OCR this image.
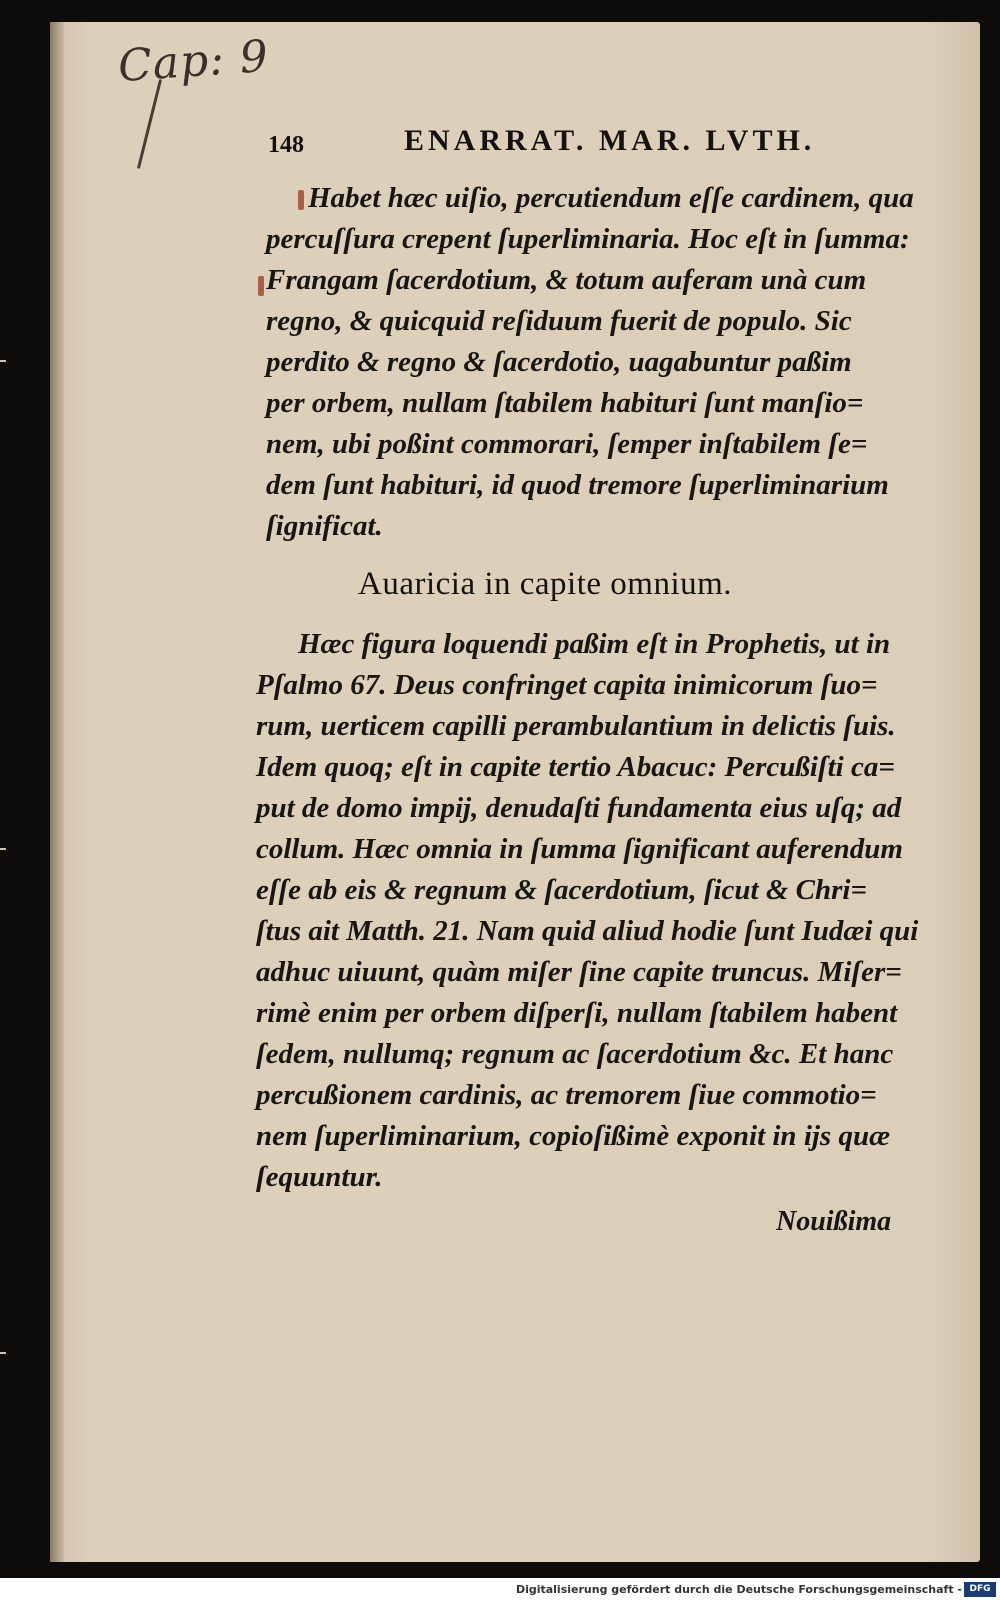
Cap: 9
148	ENARRAT. MAR. LVTH.
Habet hæc uiſio, percutiendum eſſe cardinem, qua
percuſſura crepent ſuperliminaria. Hoc eſt in ſumma:
Frangam ſacerdotium, & totum auferam unà cum
regno, & quicquid reſiduum fuerit de populo. Sic
perdito & regno & ſacerdotio, uagabuntur paßim
per orbem, nullam ſtabilem habituri ſunt manſio=
nem, ubi poßint commorari, ſemper inſtabilem ſe=
dem ſunt habituri, id quod tremore ſuperliminarium
ſignificat.
Auaricia in capite omnium.
Hæc figura loquendi paßim eſt in Prophetis, ut in
Pſalmo 67. Deus confringet capita inimicorum ſuo=
rum, uerticem capilli perambulantium in delictis ſuis.
Idem quoq; eſt in capite tertio Abacuc: Percußiſti ca=
put de domo impij, denudaſti fundamenta eius uſq; ad
collum. Hæc omnia in ſumma ſignificant auferendum
eſſe ab eis & regnum & ſacerdotium, ſicut & Chri=
ſtus ait Matth. 21. Nam quid aliud hodie ſunt Iudæi qui
adhuc uiuunt, quàm miſer ſine capite truncus. Miſer=
rimè enim per orbem diſperſi, nullam ſtabilem habent
ſedem, nullumq; regnum ac ſacerdotium &c. Et hanc
percußionem cardinis, ac tremorem ſiue commotio=
nem ſuperliminarium, copioſißimè exponit in ijs quæ
ſequuntur.
Nouißima
Digitalisierung gefördert durch die Deutsche Forschungsgemeinschaft - DFG
